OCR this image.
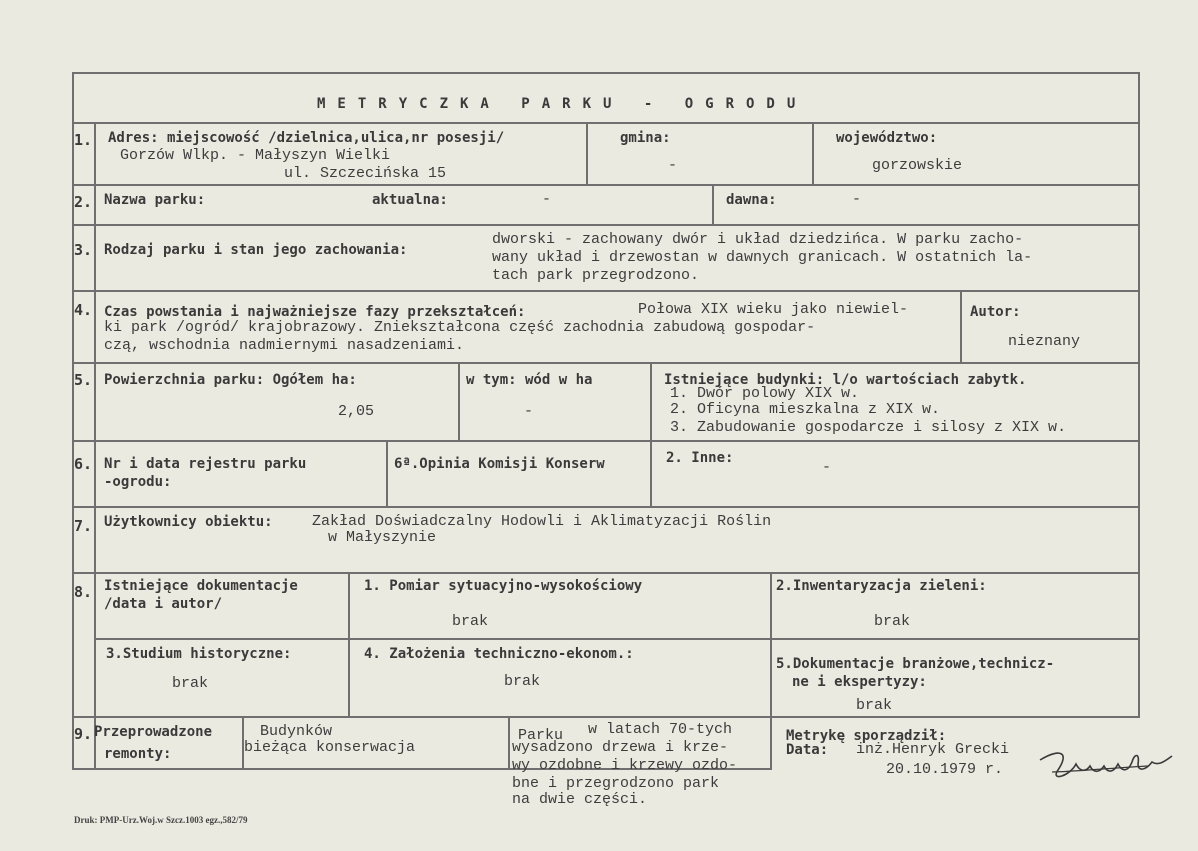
METRYCZKA PARKU - OGRODU
1. Adres: miejscowość /dzielnica,ulica,nr posesji/
Gorzów Wlkp. - Małyszyn Wielki
ul. Szczecińska 15
gmina:
-
województwo:
gorzowskie
2. Nazwa parku:	aktualna:	-	dawna:	-
3. Rodzaj parku i stan jego zachowania:
dworski - zachowany dwór i układ dziedzińca. W parku zacho-
wany układ i drzewostan w dawnych granicach. W ostatnich la-
tach park przegrodzono.
4. Czas powstania i najważniejsze fazy przekształceń:	Połowa XIX wieku jako niewiel-
ki park /ogród/ krajobrazowy. Zniekształcona część zachodnia zabudową gospodar-
czą, wschodnia nadmiernymi nasadzeniami.
Autor:
nieznany
5. Powierzchnia parku: Ogółem ha:
2,05
w tym: wód w ha
-
Istniejące budynki: l/o wartościach zabytk.
1. Dwór polowy XIX w.
2. Oficyna mieszkalna z XIX w.
3. Zabudowanie gospodarcze i silosy z XIX w.
6. Nr i data rejestru parku
-ogrodu:
6ª.Opinia Komisji Konserw	2. Inne:
-
7. Użytkownicy obiektu:	Zakład Doświadczalny Hodowli i Aklimatyzacji Roślin
w Małyszynie
8. Istniejące dokumentacje
/data i autor/
1. Pomiar sytuacyjno-wysokościowy
brak
2.Inwentaryzacja zieleni:
brak
3.Studium historyczne:
brak
4. Założenia techniczno-ekonom.:
brak
5.Dokumentacje branżowe,technicz-
ne i ekspertyzy:
brak
9. Przeprowadzone
remonty:
Budynków
bieżąca konserwacja
Parku w latach 70-tych
wysadzono drzewa i krze-
wy ozdobne i krzewy ozdo-
bne i przegrodzono park
na dwie części.
Metrykę sporządził:
Data: inż.Henryk Grecki
20.10.1979 r.
Druk: PMP-Urz.Woj.w Szcz.1003 egz.,582/79
